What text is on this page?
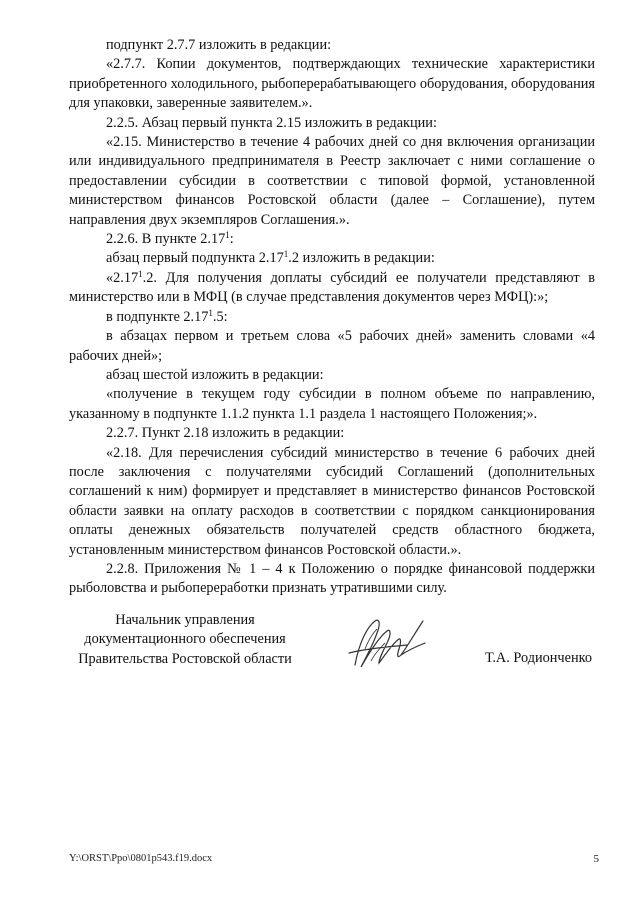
подпункт 2.7.7 изложить в редакции:

«2.7.7. Копии документов, подтверждающих технические характеристики приобретенного холодильного, рыбоперерабатывающего оборудования, оборудования для упаковки, заверенные заявителем.».

2.2.5. Абзац первый пункта 2.15 изложить в редакции:

«2.15. Министерство в течение 4 рабочих дней со дня включения организации или индивидуального предпринимателя в Реестр заключает с ними соглашение о предоставлении субсидии в соответствии с типовой формой, установленной министерством финансов Ростовской области (далее – Соглашение), путем направления двух экземпляров Соглашения.».

2.2.6. В пункте 2.17$^1$:

абзац первый подпункта 2.17$^1$.2 изложить в редакции:

«2.17$^1$.2. Для получения доплаты субсидий ее получатели представляют в министерство или в МФЦ (в случае представления документов через МФЦ):»;

в подпункте 2.17$^1$.5:

в абзацах первом и третьем слова «5 рабочих дней» заменить словами «4 рабочих дней»;

абзац шестой изложить в редакции:

«получение в текущем году субсидии в полном объеме по направлению, указанному в подпункте 1.1.2 пункта 1.1 раздела 1 настоящего Положения;».

2.2.7. Пункт 2.18 изложить в редакции:

«2.18. Для перечисления субсидий министерство в течение 6 рабочих дней после заключения с получателями субсидий Соглашений (дополнительных соглашений к ним) формирует и представляет в министерство финансов Ростовской области заявки на оплату расходов в соответствии с порядком санкционирования оплаты денежных обязательств получателей средств областного бюджета, установленным министерством финансов Ростовской области.».

2.2.8. Приложения № 1 – 4 к Положению о порядке финансовой поддержки рыболовства и рыбопереработки признать утратившими силу.

Начальник управления
документационного обеспечения
Правительства Ростовской области	Т.А. Родионченко
Y:\ORST\Ppo\0801p543.f19.docx	5
